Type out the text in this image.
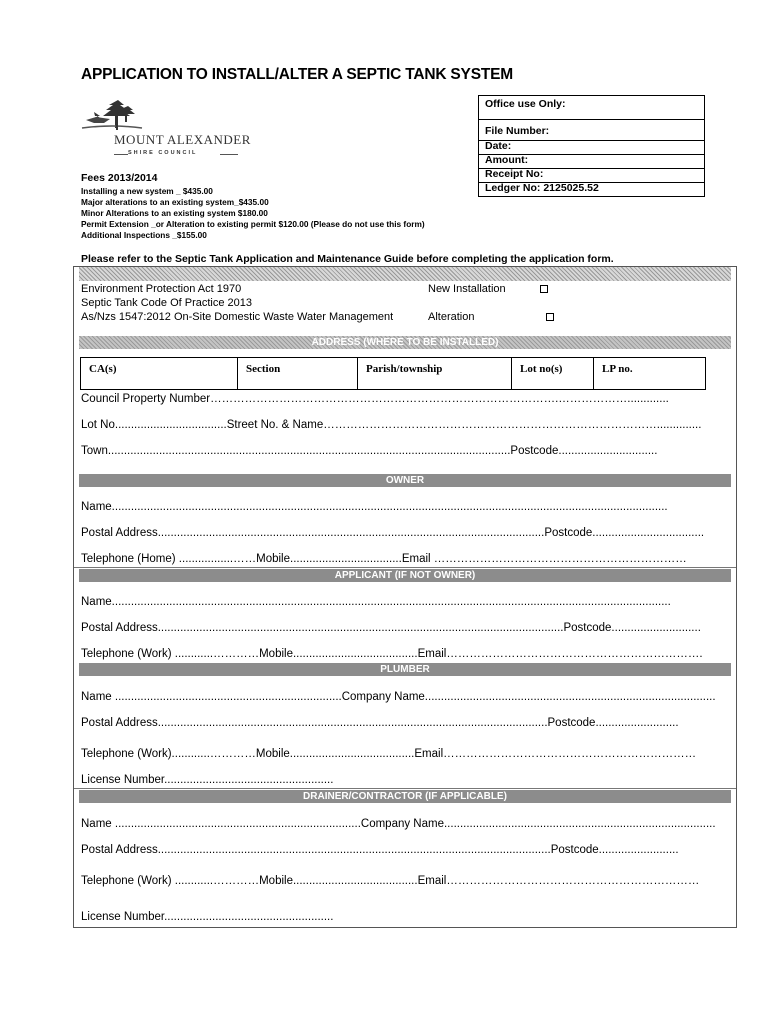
APPLICATION TO INSTALL/ALTER A SEPTIC TANK SYSTEM
MOUNT ALEXANDER
SHIRE COUNCIL
Office use Only:
File Number:
Date:
Amount:
Receipt No:
Ledger No: 2125025.52
Fees 2013/2014
Installing a new system _ $435.00
Major alterations to an existing system_$435.00
Minor Alterations to an existing system $180.00
Permit Extension _or Alteration to existing permit $120.00 (Please do not use this form)
Additional Inspections _$155.00
Please refer to the Septic Tank Application and Maintenance Guide before completing the application form.
Environment Protection Act 1970
Septic Tank Code Of Practice 2013
As/Nzs 1547:2012 On-Site Domestic Waste Water Management
New Installation
Alteration
ADDRESS (WHERE TO BE INSTALLED)
CA(s)	Section	Parish/township	Lot no(s)	LP no.
Council Property Number……………………………………………………………………………….……………….............
Lot No...................................Street No. & Name……………………………………………………………………………..............
Town..............................................................................................................................Postcode...............................
OWNER
Name..............................................................................................................................................................................
Postal Address.........................................................................................................................Postcode...................................
Telephone (Home) .................……Mobile...................................Email …………………………………………………………
APPLICANT (IF NOT OWNER)
Name...............................................................................................................................................................................
Postal Address...............................................................................................................................Postcode............................
Telephone (Work) ............…………Mobile.......................................Email………………………………………………………….
PLUMBER
Name .......................................................................Company Name...........................................................................................
Postal Address..........................................................................................................................Postcode..........................
Telephone (Work)............…………Mobile.......................................Email…………………………………………………………
License Number.....................................................
DRAINER/CONTRACTOR (IF APPLICABLE)
Name .............................................................................Company Name.....................................................................................
Postal Address...........................................................................................................................Postcode.........................
Telephone (Work) ............…………Mobile.......................................Email…………………………………………………………
License Number.....................................................
